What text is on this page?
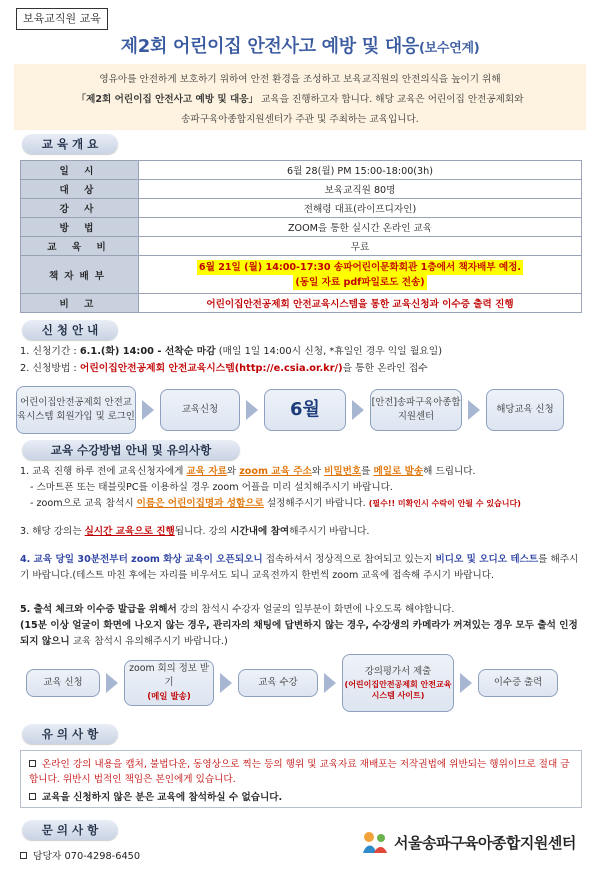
보육교직원 교육
제2회 어린이집 안전사고 예방 및 대응(보수연계)
영유아를 안전하게 보호하기 위하여 안전 환경을 조성하고 보육교직원의 안전의식을 높이기 위해
「제2회 어린이집 안전사고 예방 및 대응」 교육을 진행하고자 합니다. 해당 교육은 어린이집 안전공제회와
송파구육아종합지원센터가 주관 및 주최하는 교육입니다.
교 육 개 요
일 시	6월 28(월) PM 15:00-18:00(3h)
대 상	보육교직원 80명
강 사	전해령 대표(라이프디자인)
방 법	ZOOM을 통한 실시간 온라인 교육
교 육 비	무료
책자배부	6월 21일 (월) 14:00-17:30 송파어린이문화회관 1층에서 책자배부 예정.
(동일 자료 pdf파일로도 전송)
비 고	어린이집안전공제회 안전교육시스템을 통한 교육신청과 이수증 출력 진행
신 청 안 내
1. 신청기간 : 6.1.(화) 14:00 - 선착순 마감 (매일 1일 14:00시 신청, *휴일인 경우 익일 월요일)
2. 신청방법 : 어린이집안전공제회 안전교육시스템(http://e.csia.or.kr/)을 통한 온라인 접수
어린이집안전공제회 안전교육시스템 회원가입 및 로그인
교육신청	6월	[안전]송파구육아종합지원센터
해당교육 신청
교육 수강방법 안내 및 유의사항
1. 교육 진행 하루 전에 교육신청자에게 교육 자료와 zoom 교육 주소와 비밀번호를 메일로 발송해 드립니다.
- 스마트폰 또는 태블릿PC를 이용하실 경우 zoom 어플을 미리 설치해주시기 바랍니다.
- zoom으로 교육 참석시 이름은 어린이집명과 성함으로 설정해주시기 바랍니다. (필수!! 미확인시 수락이 안될 수 있습니다)
3. 해당 강의는 실시간 교육으로 진행됩니다. 강의 시간내에 참여해주시기 바랍니다.
4. 교육 당일 30분전부터 zoom 화상 교육이 오픈되오니 접속하셔서 정상적으로 참여되고 있는지 비디오 및 오디오 테스트를 해주시기 바랍니다.(테스트 마친 후에는 자리를 비우셔도 되니 교육전까지 한번씩 zoom 교육에 접속해 주시기 바랍니다.
5. 출석 체크와 이수증 발급을 위해서 강의 참석시 수강자 얼굴의 일부분이 화면에 나오도록 해야합니다.
(15분 이상 얼굴이 화면에 나오지 않는 경우, 관리자의 채팅에 답변하지 않는 경우, 수강생의 카메라가 꺼져있는 경우 모두 출석 인정되지 않으니 교육 참석시 유의해주시기 바랍니다.)
교육 신청
zoom 회의 정보 받기
(메일 발송)
교육 수강
강의평가서 제출
(어린이집안전공제회 안전교육 시스템 사이트)
이수증 출력
유 의 사 항
온라인 강의 내용을 캡처, 불법다운, 동영상으로 찍는 등의 행위 및 교육자료 재배포는 저작권법에 위반되는 행위이므로 절대 금합니다. 위반시 법적인 책임은 본인에게 있습니다.
교육을 신청하지 않은 분은 교육에 참석하실 수 없습니다.
문 의 사 항
담당자 070-4298-6450
서울송파구육아종합지원센터
